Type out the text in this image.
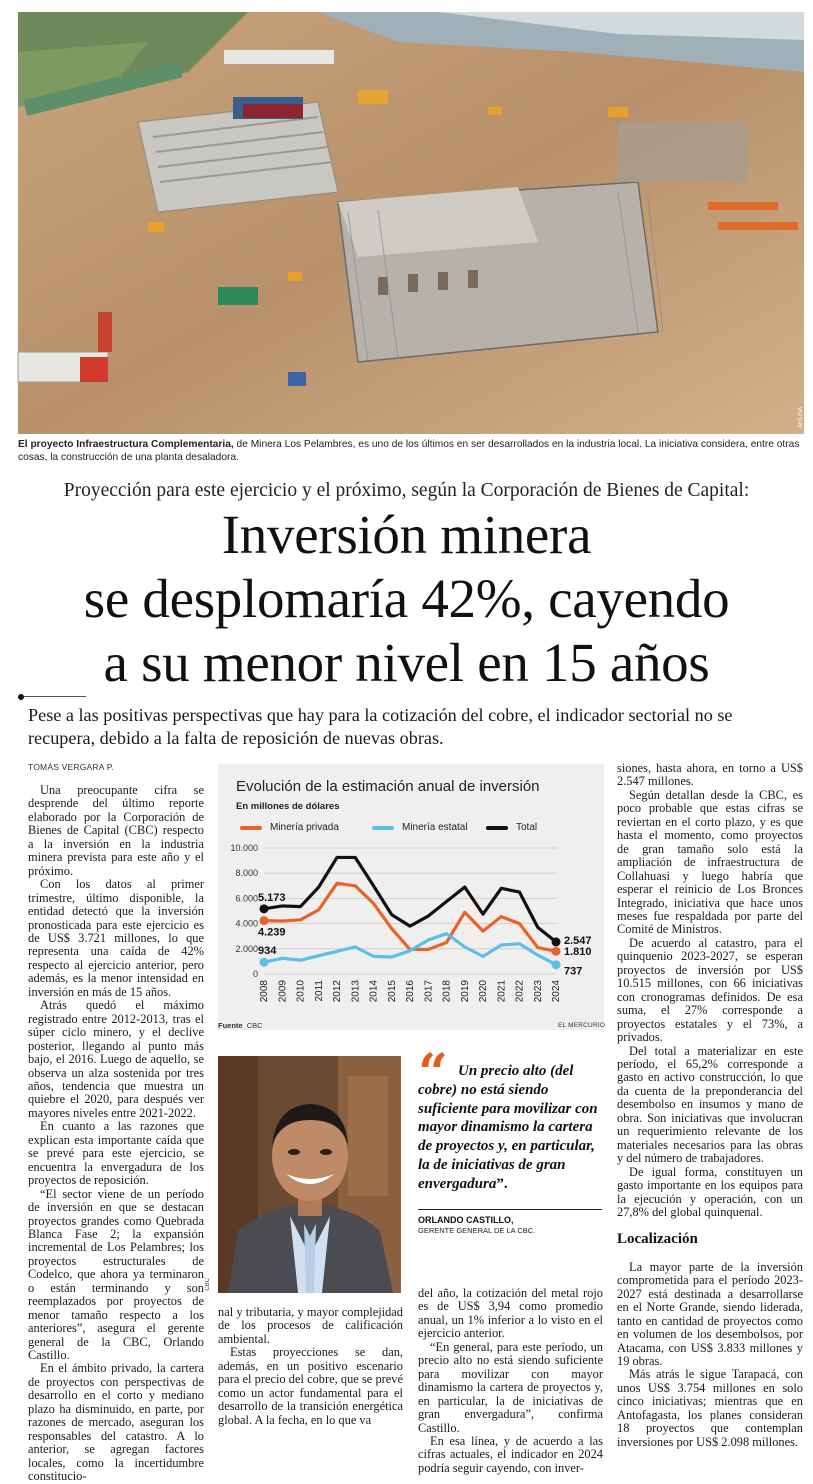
ARIJSA
El proyecto Infraestructura Complementaria, de Minera Los Pelambres, es uno de los últimos en ser desarrollados en la industria local. La iniciativa considera, entre otras cosas, la construcción de una planta desaladora.
Proyección para este ejercicio y el próximo, según la Corporación de Bienes de Capital:
Inversión minera
se desplomaría 42%, cayendo
a su menor nivel en 15 años
Pese a las positivas perspectivas que hay para la cotización del cobre, el indicador sectorial no se recupera, debido a la falta de reposición de nuevas obras.
TOMÁS VERGARA P.

Una preocupante cifra se desprende del último reporte elaborado por la Corporación de Bienes de Capital (CBC) respecto a la inversión en la industria minera prevista para este año y el próximo.

Con los datos al primer trimestre, último disponible, la entidad detectó que la inversión pronosticada para este ejercicio es de US$ 3.721 millones, lo que representa una caída de 42% respecto al ejercicio anterior, pero además, es la menor intensidad en inversión en más de 15 años.

Atrás quedó el máximo registrado entre 2012-2013, tras el súper ciclo minero, y el declive posterior, llegando al punto más bajo, el 2016. Luego de aquello, se observa un alza sostenida por tres años, tendencia que muestra un quiebre el 2020, para después ver mayores niveles entre 2021-2022.

En cuanto a las razones que explican esta importante caída que se prevé para este ejercicio, se encuentra la envergadura de los proyectos de reposición.

“El sector viene de un período de inversión en que se destacan proyectos grandes como Quebrada Blanca Fase 2; la expansión incremental de Los Pelambres; los proyectos estructurales de Codelco, que ahora ya terminaron o están terminando y son reemplazados por proyectos de menor tamaño respecto a los anteriores”, asegura el gerente general de la CBC, Orlando Castillo.

En el ámbito privado, la cartera de proyectos con perspectivas de desarrollo en el corto y mediano plazo ha disminuido, en parte, por razones de mercado, aseguran los responsables del catastro. A lo anterior, se agregan factores locales, como la incertidumbre constitucio-

Evolución de la estimación anual de inversión
En millones de dólares
Minería privada	Minería estatal	Total
0
2.000
4.000
6.000
8.000
10.000
2008 2009 2010 2011 2012 2013 2014 2015 2016 2017 2018 2019 2020 2021 2022 2023 2024
5.173
4.239
934
2.547
1.810
737
Fuente CBC	EL MERCURIO
CBC
“ Un precio alto (del cobre) no está siendo suficiente para movilizar con mayor dinamismo la cartera de proyectos y, en particular, la de iniciativas de gran envergadura”.
ORLANDO CASTILLO,
GERENTE GENERAL DE LA CBC.

nal y tributaria, y mayor complejidad de los procesos de calificación ambiental.

Estas proyecciones se dan, además, en un positivo escenario para el precio del cobre, que se prevé como un actor fundamental para el desarrollo de la transición energética global. A la fecha, en lo que va

del año, la cotización del metal rojo es de US$ 3,94 como promedio anual, un 1% inferior a lo visto en el ejercicio anterior.

“En general, para este período, un precio alto no está siendo suficiente para movilizar con mayor dinamismo la cartera de proyectos y, en particular, la de iniciativas de gran envergadura”, confirma Castillo.

En esa línea, y de acuerdo a las cifras actuales, el indicador en 2024 podría seguir cayendo, con inver-

siones, hasta ahora, en torno a US$ 2.547 millones.

Según detallan desde la CBC, es poco probable que estas cifras se reviertan en el corto plazo, y es que hasta el momento, como proyectos de gran tamaño solo está la ampliación de infraestructura de Collahuasi y luego habría que esperar el reinicio de Los Bronces Integrado, iniciativa que hace unos meses fue respaldada por parte del Comité de Ministros.

De acuerdo al catastro, para el quinquenio 2023-2027, se esperan proyectos de inversión por US$ 10.515 millones, con 66 iniciativas con cronogramas definidos. De esa suma, el 27% corresponde a proyectos estatales y el 73%, a privados.

Del total a materializar en este período, el 65,2% corresponde a gasto en activo construcción, lo que da cuenta de la preponderancia del desembolso en insumos y mano de obra. Son iniciativas que involucran un requerimiento relevante de los materiales necesarios para las obras y del número de trabajadores.

De igual forma, constituyen un gasto importante en los equipos para la ejecución y operación, con un 27,8% del global quinquenal.

Localización

La mayor parte de la inversión comprometida para el período 2023-2027 está destinada a desarrollarse en el Norte Grande, siendo liderada, tanto en cantidad de proyectos como en volumen de los desembolsos, por Atacama, con US$ 3.833 millones y 19 obras.

Más atrás le sigue Tarapacá, con unos US$ 3.754 millones en solo cinco iniciativas; mientras que en Antofagasta, los planes consideran 18 proyectos que contemplan inversiones por US$ 2.098 millones.
